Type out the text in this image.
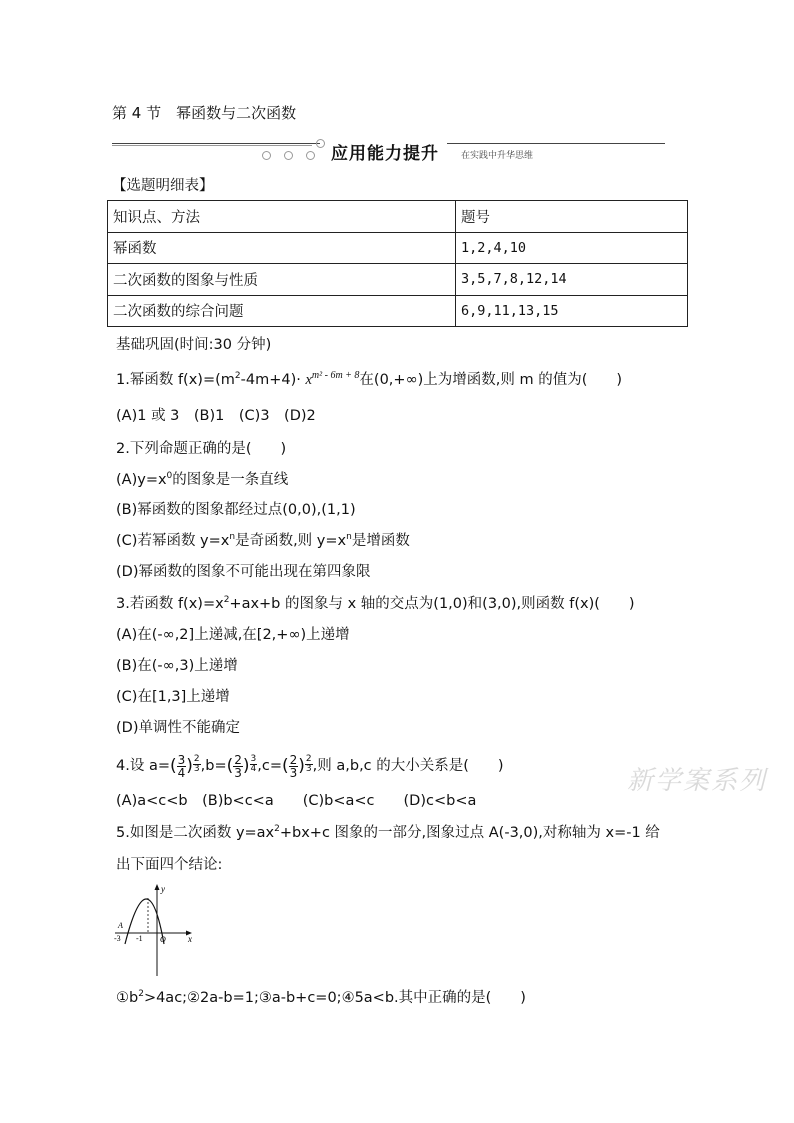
第 4 节　 幂函数与二次函数
应用能力提升 在实践中升华思维
【选题明细表】
知识点、方法	题号
幂函数	1,2,4,10
二次函数的图象与性质	3,5,7,8,12,14
二次函数的综合问题	6,9,11,13,15
基础巩固(时间:30 分钟)
1.幂函数 $f(x)=(m^2-4m+4)\cdot x^{m^2 - 6m + 8}$在(0,+∞)上为增函数,则 m 的值为(　　)
(A)1 或 3　(B)1　(C)3　(D)2
2.下列命题正确的是(　　)
$(A)y=x^0$的图象是一条直线
(B)幂函数的图象都经过点(0,0),(1,1)
(C)若幂函数 $y=x^n$是奇函数,则 $y=x^n$是增函数
(D)幂函数的图象不可能出现在第四象限
3.若函数 $f(x)=x^2+ax+b$ 的图象与 x 轴的交点为(1,0)和(3,0),则函数 f(x)(　　)
(A)在(-∞,2]上递减,在[2,+∞)上递增
(B)在(-∞,3)上递增
(C)在[1,3]上递增
(D)单调性不能确定
4.设 $a=( \frac{3}{4}$ ) $^{\frac{2}{3}}$ $,b=( \frac{2}{3}$ ) $^{\frac{3}{4}}$ $,c=( \frac{2}{3}$ ) $^{\frac{2}{3}}$ ,则 a,b,c 的大小关系是(　　)
(A)a<c<b　(B)b<c<a　　(C)b<a<c　　(D)c<b<a
新学案系列
5.如图是二次函数 $y=ax^2+bx+c$ 图象的一部分,图象过点 A(-3,0),对称轴为 x=-1 给
出下面四个结论:
y
x
A
-3 -1 O
$①b^2>4ac;②2a-b=1;③a-b+c=0;④5a<b$.其中正确的是(　　)
